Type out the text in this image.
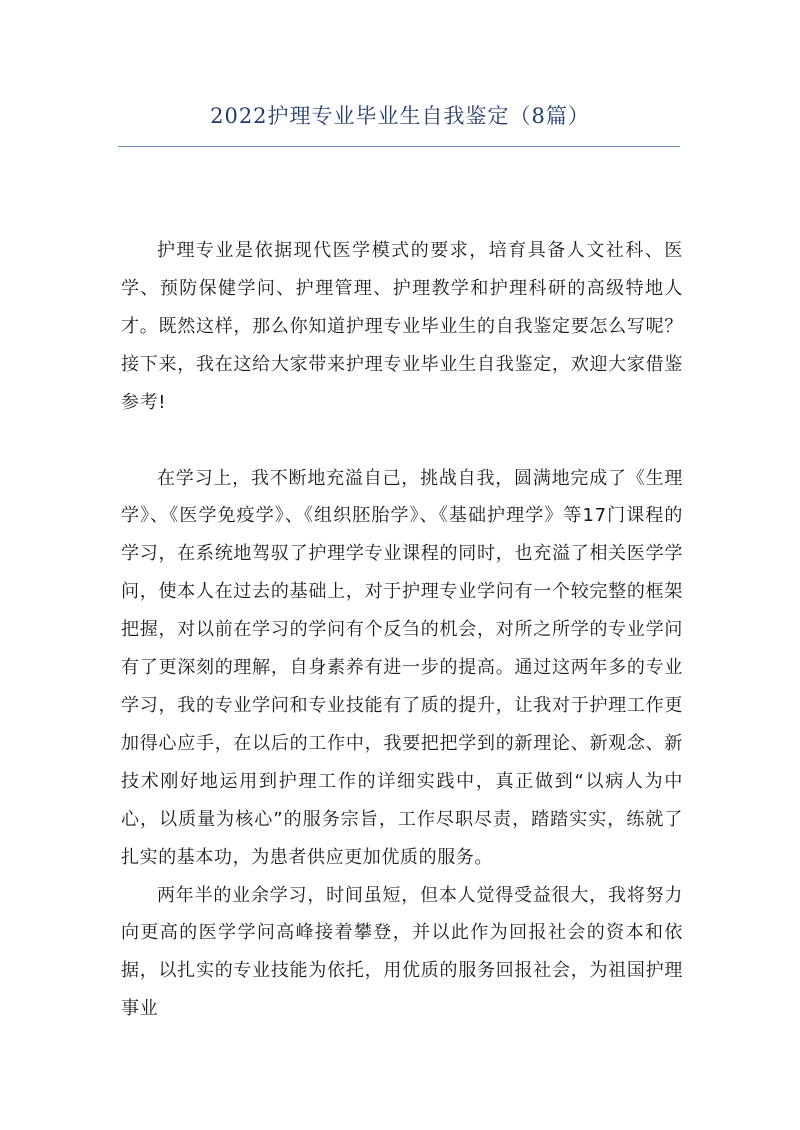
2022护理专业毕业生自我鉴定（8篇）

护理专业是依据现代医学模式的要求，培育具备人文社科、医学、预防保健学问、护理管理、护理教学和护理科研的高级特地人才。既然这样，那么你知道护理专业毕业生的自我鉴定要怎么写呢？接下来，我在这给大家带来护理专业毕业生自我鉴定，欢迎大家借鉴参考!

在学习上，我不断地充溢自己，挑战自我，圆满地完成了《生理学》、《医学免疫学》、《组织胚胎学》、《基础护理学》等17门课程的学习，在系统地驾驭了护理学专业课程的同时，也充溢了相关医学学问，使本人在过去的基础上，对于护理专业学问有一个较完整的框架把握，对以前在学习的学问有个反刍的机会，对所之所学的专业学问有了更深刻的理解，自身素养有进一步的提高。通过这两年多的专业学习，我的专业学问和专业技能有了质的提升，让我对于护理工作更加得心应手，在以后的工作中，我要把把学到的新理论、新观念、新技术刚好地运用到护理工作的详细实践中，真正做到“以病人为中心，以质量为核心”的服务宗旨，工作尽职尽责，踏踏实实，练就了扎实的基本功，为患者供应更加优质的服务。

两年半的业余学习，时间虽短，但本人觉得受益很大，我将努力向更高的医学学问高峰接着攀登，并以此作为回报社会的资本和依据，以扎实的专业技能为依托，用优质的服务回报社会，为祖国护理事业
